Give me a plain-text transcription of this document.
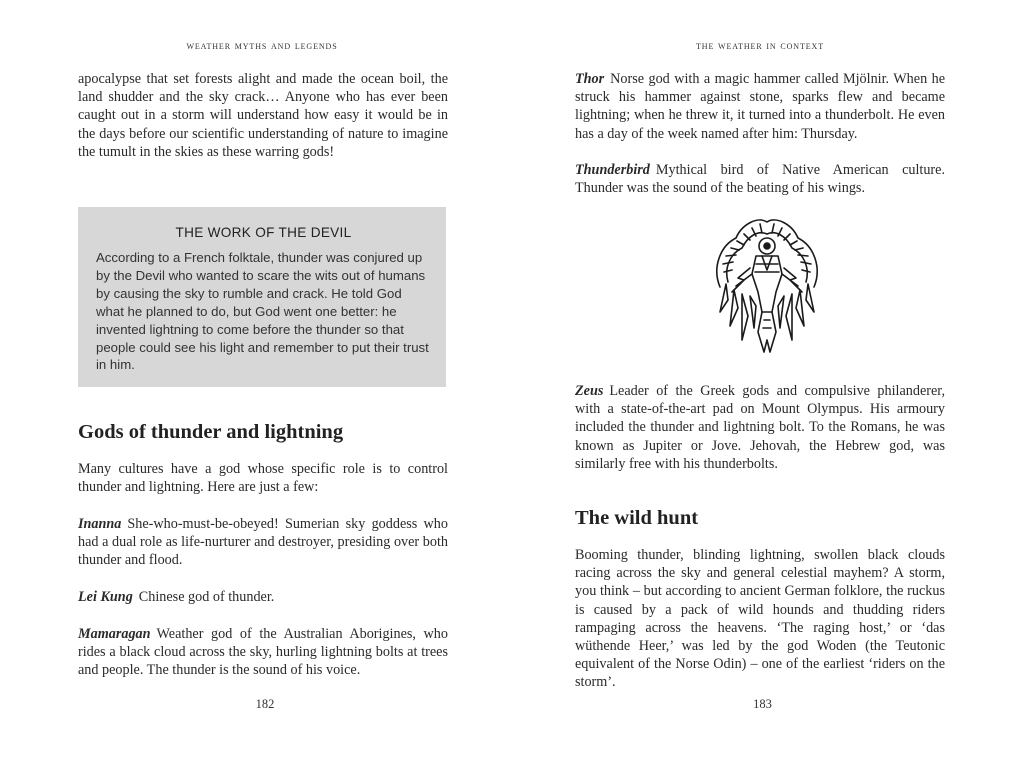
weather myths and legends

apocalypse that set forests alight and made the ocean boil, the land shudder and the sky crack… Anyone who has ever been caught out in a storm will understand how easy it would be in the days before our scientific understanding of nature to imagine the tumult in the skies as these warring gods!

THE WORK OF THE DEVIL

According to a French folktale, thunder was conjured up by the Devil who wanted to scare the wits out of humans by causing the sky to rumble and crack. He told God what he planned to do, but God went one better: he invented lightning to come before the thunder so that people could see his light and remember to put their trust in him.

Gods of thunder and lightning

Many cultures have a god whose specific role is to control thunder and lightning. Here are just a few:

Inanna She-who-must-be-obeyed! Sumerian sky goddess who had a dual role as life-nurturer and destroyer, presiding over both thunder and flood.

Lei Kung Chinese god of thunder.

Mamaragan Weather god of the Australian Aborigines, who rides a black cloud across the sky, hurling lightning bolts at trees and people. The thunder is the sound of his voice.

182
the weather in context

Thor Norse god with a magic hammer called Mjölnir. When he struck his hammer against stone, sparks flew and became lightning; when he threw it, it turned into a thunderbolt. He even has a day of the week named after him: Thursday.

Thunderbird Mythical bird of Native American culture. Thunder was the sound of the beating of his wings.

Zeus Leader of the Greek gods and compulsive philanderer, with a state-of-the-art pad on Mount Olympus. His armoury included the thunder and lightning bolt. To the Romans, he was known as Jupiter or Jove. Jehovah, the Hebrew god, was similarly free with his thunderbolts.

The wild hunt

Booming thunder, blinding lightning, swollen black clouds racing across the sky and general celestial mayhem? A storm, you think – but according to ancient German folklore, the ruckus is caused by a pack of wild hounds and thudding riders rampaging across the heavens. ‘The raging host,’ or ‘das wüthende Heer,’ was led by the god Woden (the Teutonic equivalent of the Norse Odin) – one of the earliest ‘riders on the storm’.

183
